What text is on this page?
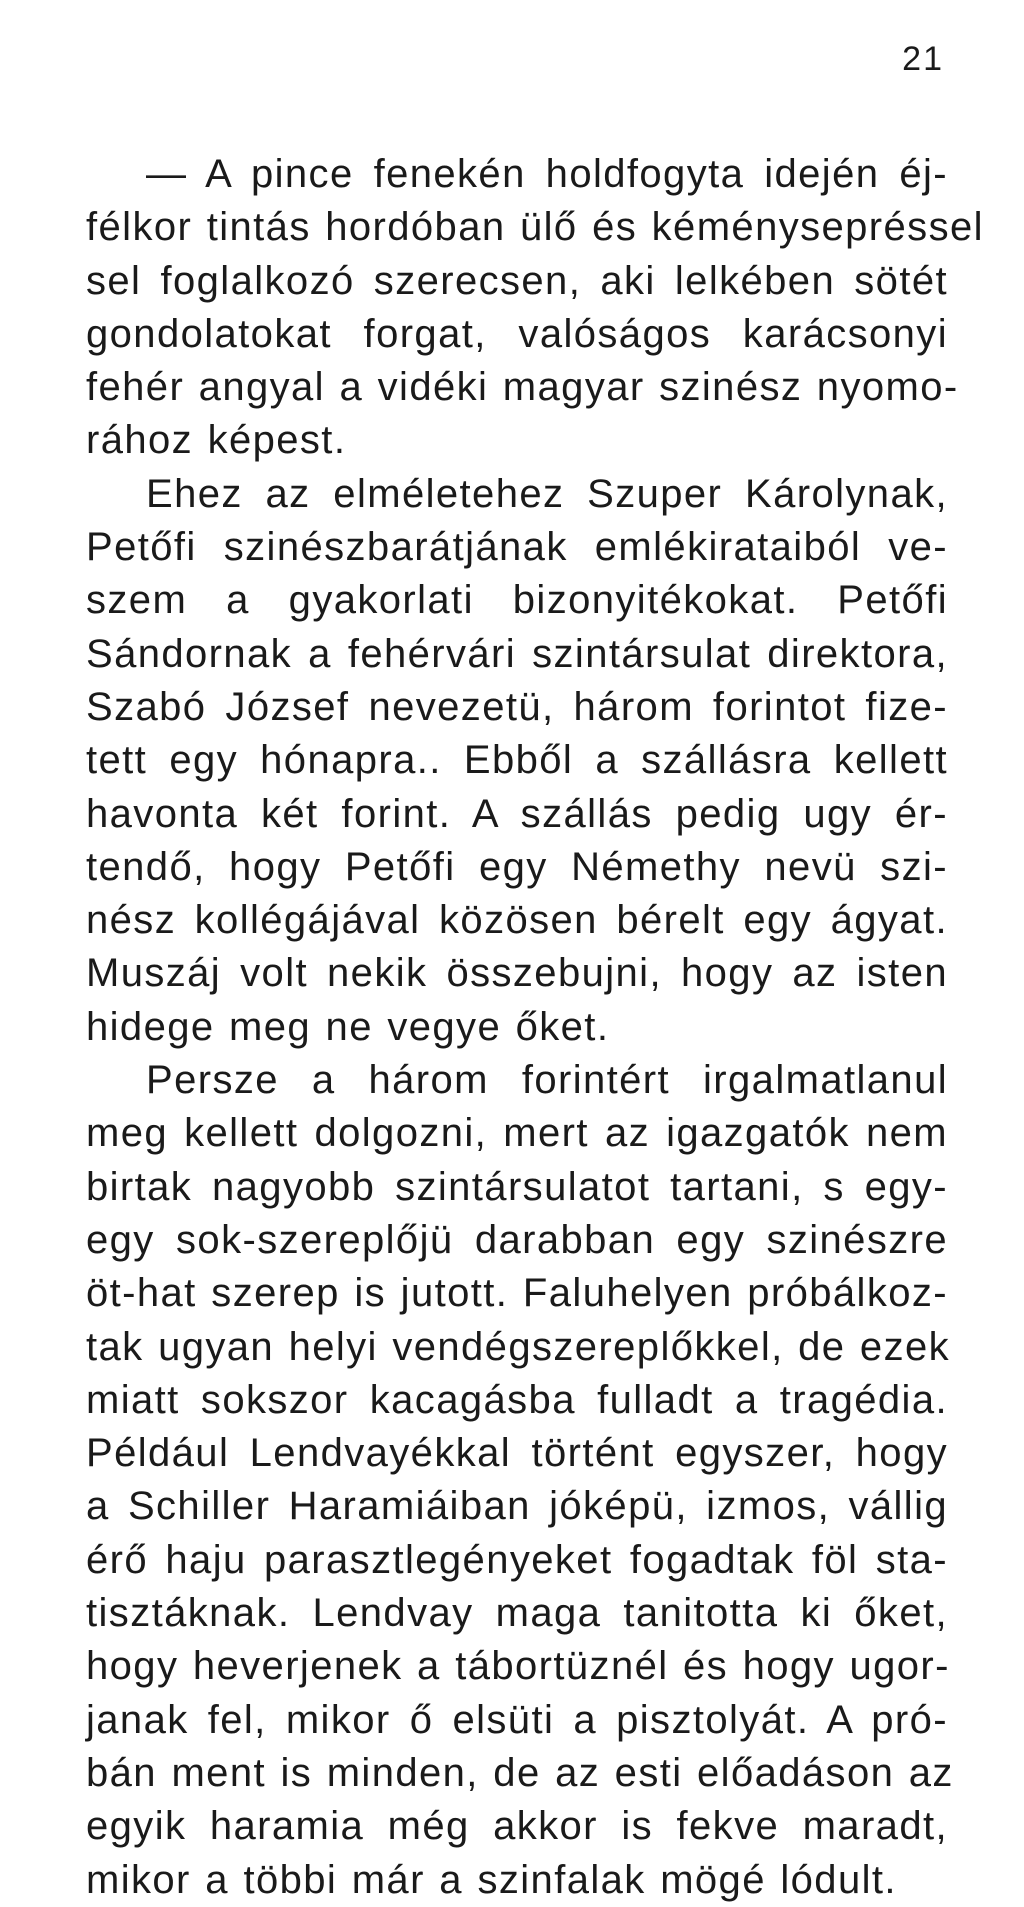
21
— A pince fenekén holdfogyta idején éj-
félkor tintás hordóban ülő és kéménysepréssel
sel foglalkozó szerecsen, aki lelkében sötét
gondolatokat forgat, valóságos karácsonyi
fehér angyal a vidéki magyar szinész nyomo-
rához képest.
Ehez az elméletehez Szuper Károlynak,
Petőfi szinészbarátjának emlékirataiból ve-
szem a gyakorlati bizonyitékokat. Petőfi
Sándornak a fehérvári szintársulat direktora,
Szabó József nevezetü, három forintot fize-
tett egy hónapra.. Ebből a szállásra kellett
havonta két forint. A szállás pedig ugy ér-
tendő, hogy Petőfi egy Némethy nevü szi-
nész kollégájával közösen bérelt egy ágyat.
Muszáj volt nekik összebujni, hogy az isten
hidege meg ne vegye őket.
Persze a három forintért irgalmatlanul
meg kellett dolgozni, mert az igazgatók nem
birtak nagyobb szintársulatot tartani, s egy-
egy sok-szereplőjü darabban egy szinészre
öt-hat szerep is jutott. Faluhelyen próbálkoz-
tak ugyan helyi vendégszereplőkkel, de ezek
miatt sokszor kacagásba fulladt a tragédia.
Például Lendvayékkal történt egyszer, hogy
a Schiller Haramiáiban jóképü, izmos, vállig
érő haju parasztlegényeket fogadtak föl sta-
tisztáknak. Lendvay maga tanitotta ki őket,
hogy heverjenek a tábortüznél és hogy ugor-
janak fel, mikor ő elsüti a pisztolyát. A pró-
bán ment is minden, de az esti előadáson az
egyik haramia még akkor is fekve maradt,
mikor a többi már a szinfalak mögé lódult.
